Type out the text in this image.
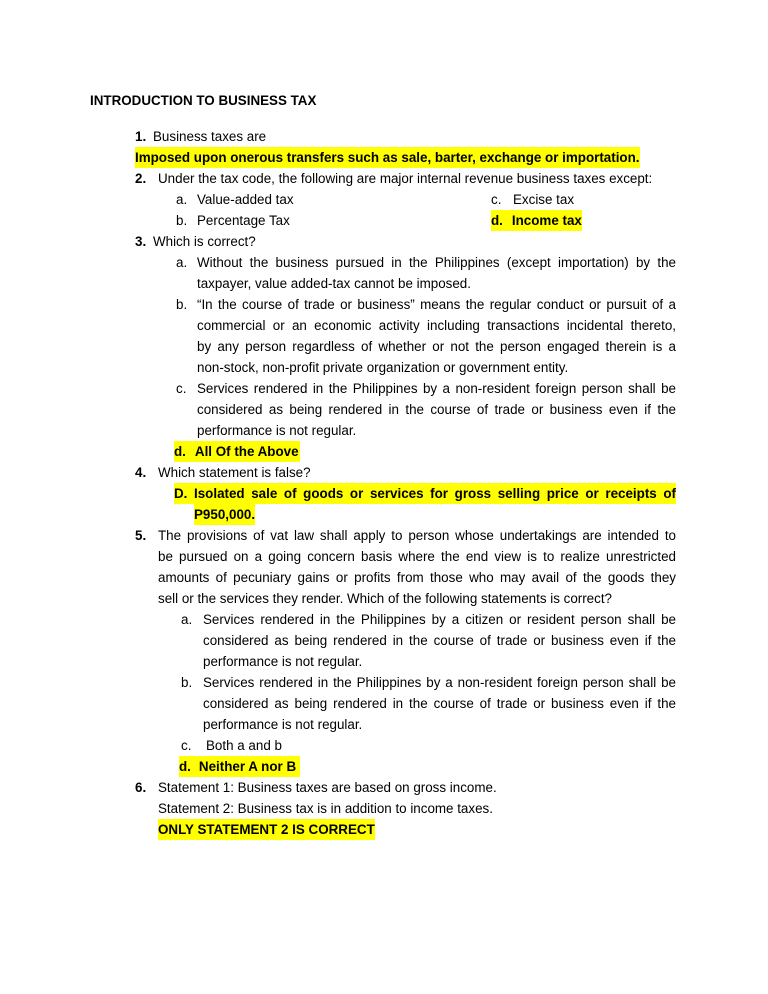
INTRODUCTION TO BUSINESS TAX
1. Business taxes are
Imposed upon onerous transfers such as sale, barter, exchange or importation.
2. Under the tax code, the following are major internal revenue business taxes except:
a. Value-added tax	c. Excise tax
b. Percentage Tax	d. Income tax
3. Which is correct?
a. Without the business pursued in the Philippines (except importation) by the
taxpayer, value added-tax cannot be imposed.
b. “In the course of trade or business” means the regular conduct or pursuit of a
commercial or an economic activity including transactions incidental thereto,
by any person regardless of whether or not the person engaged therein is a
non-stock, non-profit private organization or government entity.
c. Services rendered in the Philippines by a non-resident foreign person shall be
considered as being rendered in the course of trade or business even if the
performance is not regular.
d. All Of the Above
4. Which statement is false?
D. Isolated sale of goods or services for gross selling price or receipts of
P950,000.
5. The provisions of vat law shall apply to person whose undertakings are intended to
be pursued on a going concern basis where the end view is to realize unrestricted
amounts of pecuniary gains or profits from those who may avail of the goods they
sell or the services they render. Which of the following statements is correct?
a. Services rendered in the Philippines by a citizen or resident person shall be
considered as being rendered in the course of trade or business even if the
performance is not regular.
b. Services rendered in the Philippines by a non-resident foreign person shall be
considered as being rendered in the course of trade or business even if the
performance is not regular.
c. Both a and b
d. Neither A nor B
6. Statement 1: Business taxes are based on gross income.
Statement 2: Business tax is in addition to income taxes.
ONLY STATEMENT 2 IS CORRECT
